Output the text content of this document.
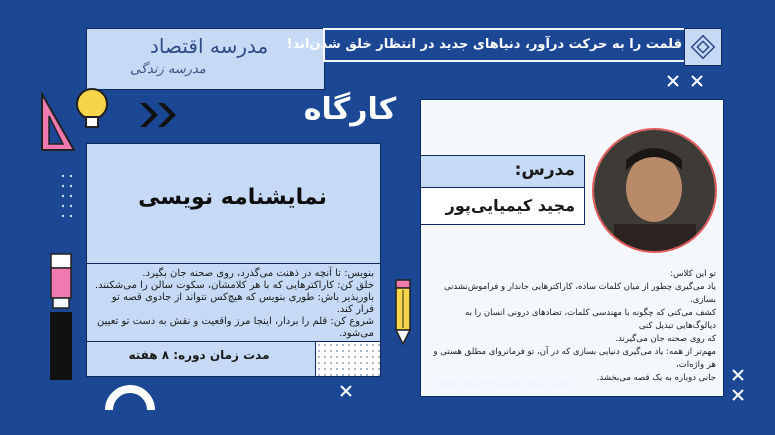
مدرسه اقتصاد
مدرسه زندگی
قلمت را به حرکت درآور، دنیاهای جدید در انتظار خلق شدن‌اند!
کارگاه
نمایشنامه نویسی
بنویس: تا آنچه در ذهنت می‌گذرد، روی صحنه جان بگیرد.
خلق کن: کاراکترهایی که با هر کلامشان، سکوت سالن را می‌شکنند.
باورپذیر باش: طوری بنویس که هیچ‌کس نتواند از جادوی قصه تو فرار کند.
شروع کن: قلم را بردار، اینجا مرز واقعیت و نقش به دست تو تعیین می‌شود.
مدت زمان دوره: ۸ هفته
مدرس:
مجید کیمیایی‌پور
تو این کلاس:
یاد می‌گیری چطور از میان کلمات ساده، کاراکترهایی جاندار و فراموش‌نشدنی بسازی.
کشف می‌کنی که چگونه با مهندسی کلمات، تضادهای درونی انسان را به دیالوگ‌هایی تبدیل کنی
که روی صحنه جان می‌گیرند.
مهم‌تر از همه: یاد می‌گیری دنیایی بسازی که در آن، تو فرمانروای مطلق هستی و هر واژه‌ات،
جانی دوباره به یک قصه می‌بخشد.
WWW.EGHTESADSCHOOL.COM
